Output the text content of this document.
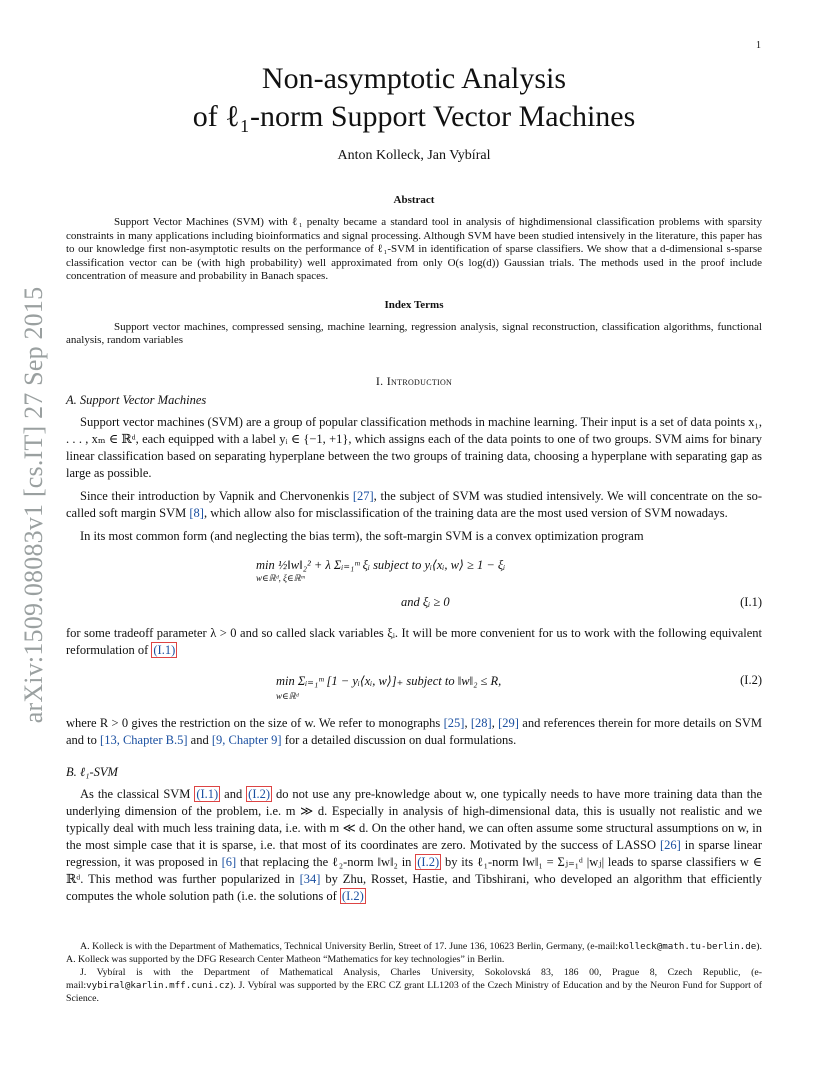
1
arXiv:1509.08083v1 [cs.IT] 27 Sep 2015
Non-asymptotic Analysis
of ℓ₁-norm Support Vector Machines
Anton Kolleck, Jan Vybíral
Abstract

Support Vector Machines (SVM) with ℓ₁ penalty became a standard tool in analysis of highdimensional classification problems with sparsity constraints in many applications including bioinformatics and signal processing. Although SVM have been studied intensively in the literature, this paper has to our knowledge first non-asymptotic results on the performance of ℓ₁-SVM in identification of sparse classifiers. We show that a d-dimensional s-sparse classification vector can be (with high probability) well approximated from only O(s log(d)) Gaussian trials. The methods used in the proof include concentration of measure and probability in Banach spaces.

Index Terms

Support vector machines, compressed sensing, machine learning, regression analysis, signal reconstruction, classification algorithms, functional analysis, random variables

I. Introduction
A. Support Vector Machines

Support vector machines (SVM) are a group of popular classification methods in machine learning. Their input is a set of data points x₁, . . . , xₘ ∈ ℝᵈ, each equipped with a label yᵢ ∈ {−1, +1}, which assigns each of the data points to one of two groups. SVM aims for binary linear classification based on separating hyperplane between the two groups of training data, choosing a hyperplane with separating gap as large as possible.

Since their introduction by Vapnik and Chervonenkis [27], the subject of SVM was studied intensively. We will concentrate on the so-called soft margin SVM [8], which allow also for misclassification of the training data are the most used version of SVM nowadays.

In its most common form (and neglecting the bias term), the soft-margin SVM is a convex optimization program

min ½‖w‖₂² + λ Σᵢ₌₁ᵐ ξᵢ subject to yᵢ⟨xᵢ, w⟩ ≥ 1 − ξᵢ
w∈ℝᵈ, ξ∈ℝᵐ
and ξᵢ ≥ 0	(I.1)

for some tradeoff parameter λ > 0 and so called slack variables ξᵢ. It will be more convenient for us to work with the following equivalent reformulation of (I.1)

min Σᵢ₌₁ᵐ [1 − yᵢ⟨xᵢ, w⟩]₊ subject to ‖w‖₂ ≤ R,
w∈ℝᵈ
(I.2)

where R > 0 gives the restriction on the size of w. We refer to monographs [25], [28], [29] and references therein for more details on SVM and to [13, Chapter B.5] and [9, Chapter 9] for a detailed discussion on dual formulations.

B. ℓ₁-SVM

As the classical SVM (I.1) and (I.2) do not use any pre-knowledge about w, one typically needs to have more training data than the underlying dimension of the problem, i.e. m ≫ d. Especially in analysis of high-dimensional data, this is usually not realistic and we typically deal with much less training data, i.e. with m ≪ d. On the other hand, we can often assume some structural assumptions on w, in the most simple case that it is sparse, i.e. that most of its coordinates are zero. Motivated by the success of LASSO [26] in sparse linear regression, it was proposed in [6] that replacing the ℓ₂-norm ‖w‖₂ in (I.2) by its ℓ₁-norm ‖w‖₁ = Σⱼ₌₁ᵈ |wⱼ| leads to sparse classifiers w ∈ ℝᵈ. This method was further popularized in [34] by Zhu, Rosset, Hastie, and Tibshirani, who developed an algorithm that efficiently computes the whole solution path (i.e. the solutions of (I.2)

A. Kolleck is with the Department of Mathematics, Technical University Berlin, Street of 17. June 136, 10623 Berlin, Germany, (e-mail:kolleck@math.tu-berlin.de). A. Kolleck was supported by the DFG Research Center Matheon “Mathematics for key technologies” in Berlin.

J. Vybíral is with the Department of Mathematical Analysis, Charles University, Sokolovská 83, 186 00, Prague 8, Czech Republic, (e-mail:vybiral@karlin.mff.cuni.cz). J. Vybíral was supported by the ERC CZ grant LL1203 of the Czech Ministry of Education and by the Neuron Fund for Support of Science.
